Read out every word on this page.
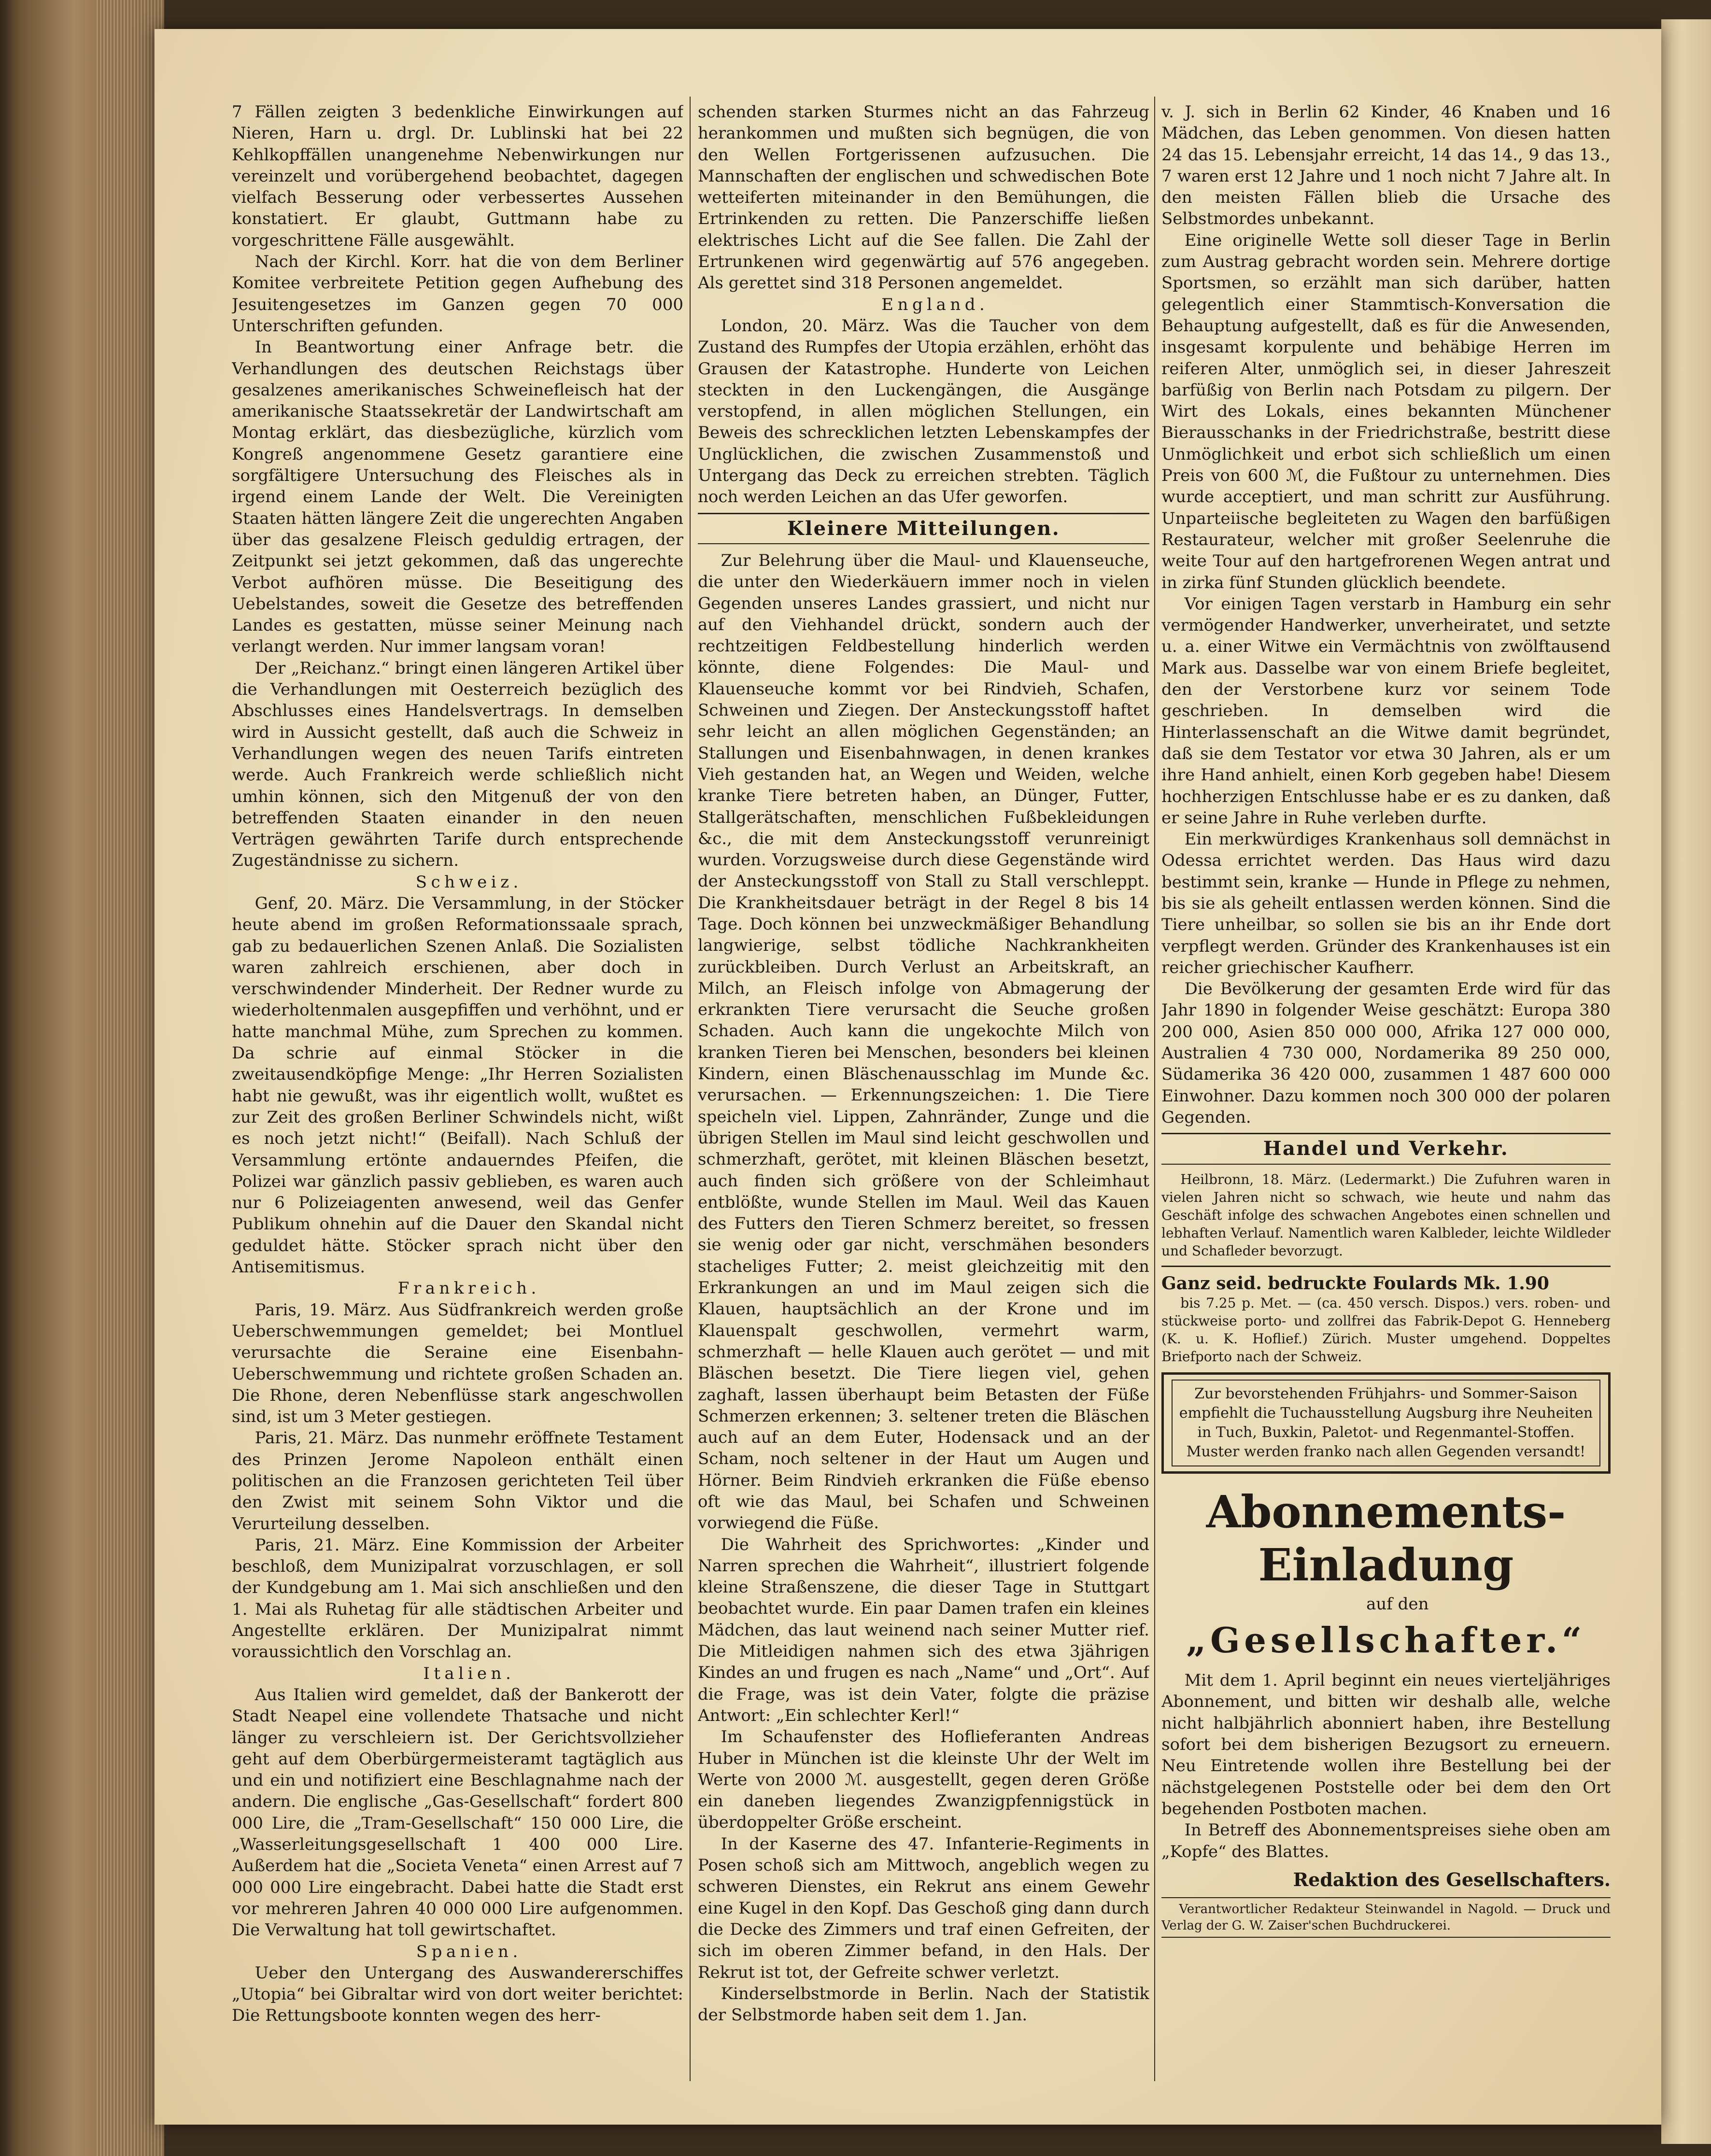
7 Fällen zeigten 3 bedenkliche Einwirkungen auf Nieren, Harn u. drgl. Dr. Lublinski hat bei 22 Kehlkopffällen unangenehme Nebenwirkungen nur vereinzelt und vorübergehend beobachtet, dagegen vielfach Besserung oder verbessertes Aussehen konstatiert. Er glaubt, Guttmann habe zu vorgeschrittene Fälle ausgewählt.

Nach der Kirchl. Korr. hat die von dem Berliner Komitee verbreitete Petition gegen Aufhebung des Jesuitengesetzes im Ganzen gegen 70 000 Unterschriften gefunden.

In Beantwortung einer Anfrage betr. die Verhandlungen des deutschen Reichstags über gesalzenes amerikanisches Schweinefleisch hat der amerikanische Staatssekretär der Landwirtschaft am Montag erklärt, das diesbezügliche, kürzlich vom Kongreß angenommene Gesetz garantiere eine sorgfältigere Untersuchung des Fleisches als in irgend einem Lande der Welt. Die Vereinigten Staaten hätten längere Zeit die ungerechten Angaben über das gesalzene Fleisch geduldig ertragen, der Zeitpunkt sei jetzt gekommen, daß das ungerechte Verbot aufhören müsse. Die Beseitigung des Uebelstandes, soweit die Gesetze des betreffenden Landes es gestatten, müsse seiner Meinung nach verlangt werden. Nur immer langsam voran!

Der „Reichanz.“ bringt einen längeren Artikel über die Verhandlungen mit Oesterreich bezüglich des Abschlusses eines Handelsvertrags. In demselben wird in Aussicht gestellt, daß auch die Schweiz in Verhandlungen wegen des neuen Tarifs eintreten werde. Auch Frankreich werde schließlich nicht umhin können, sich den Mitgenuß der von den betreffenden Staaten einander in den neuen Verträgen gewährten Tarife durch entsprechende Zugeständnisse zu sichern.

Schweiz.

Genf, 20. März. Die Versammlung, in der Stöcker heute abend im großen Reformationssaale sprach, gab zu bedauerlichen Szenen Anlaß. Die Sozialisten waren zahlreich erschienen, aber doch in verschwindender Minderheit. Der Redner wurde zu wiederholtenmalen ausgepfiffen und verhöhnt, und er hatte manchmal Mühe, zum Sprechen zu kommen. Da schrie auf einmal Stöcker in die zweitausendköpfige Menge: „Ihr Herren Sozialisten habt nie gewußt, was ihr eigentlich wollt, wußtet es zur Zeit des großen Berliner Schwindels nicht, wißt es noch jetzt nicht!“ (Beifall). Nach Schluß der Versammlung ertönte andauerndes Pfeifen, die Polizei war gänzlich passiv geblieben, es waren auch nur 6 Polizeiagenten anwesend, weil das Genfer Publikum ohnehin auf die Dauer den Skandal nicht geduldet hätte. Stöcker sprach nicht über den Antisemitismus.

Frankreich.

Paris, 19. März. Aus Südfrankreich werden große Ueberschwemmungen gemeldet; bei Montluel verursachte die Seraine eine Eisenbahn-Ueberschwemmung und richtete großen Schaden an. Die Rhone, deren Nebenflüsse stark angeschwollen sind, ist um 3 Meter gestiegen.

Paris, 21. März. Das nunmehr eröffnete Testament des Prinzen Jerome Napoleon enthält einen politischen an die Franzosen gerichteten Teil über den Zwist mit seinem Sohn Viktor und die Verurteilung desselben.

Paris, 21. März. Eine Kommission der Arbeiter beschloß, dem Munizipalrat vorzuschlagen, er soll der Kundgebung am 1. Mai sich anschließen und den 1. Mai als Ruhetag für alle städtischen Arbeiter und Angestellte erklären. Der Munizipalrat nimmt voraussichtlich den Vorschlag an.

Italien.

Aus Italien wird gemeldet, daß der Bankerott der Stadt Neapel eine vollendete Thatsache und nicht länger zu verschleiern ist. Der Gerichtsvollzieher geht auf dem Oberbürgermeisteramt tagtäglich aus und ein und notifiziert eine Beschlagnahme nach der andern. Die englische „Gas-Gesellschaft“ fordert 800 000 Lire, die „Tram-Gesellschaft“ 150 000 Lire, die „Wasserleitungsgesellschaft 1 400 000 Lire. Außerdem hat die „Societa Veneta“ einen Arrest auf 7 000 000 Lire eingebracht. Dabei hatte die Stadt erst vor mehreren Jahren 40 000 000 Lire aufgenommen. Die Verwaltung hat toll gewirtschaftet.

Spanien.

Ueber den Untergang des Auswandererschiffes „Utopia“ bei Gibraltar wird von dort weiter berichtet: Die Rettungsboote konnten wegen des herr-

schenden starken Sturmes nicht an das Fahrzeug herankommen und mußten sich begnügen, die von den Wellen Fortgerissenen aufzusuchen. Die Mannschaften der englischen und schwedischen Bote wetteiferten miteinander in den Bemühungen, die Ertrinkenden zu retten. Die Panzerschiffe ließen elektrisches Licht auf die See fallen. Die Zahl der Ertrunkenen wird gegenwärtig auf 576 angegeben. Als gerettet sind 318 Personen angemeldet.

England.

London, 20. März. Was die Taucher von dem Zustand des Rumpfes der Utopia erzählen, erhöht das Grausen der Katastrophe. Hunderte von Leichen steckten in den Luckengängen, die Ausgänge verstopfend, in allen möglichen Stellungen, ein Beweis des schrecklichen letzten Lebenskampfes der Unglücklichen, die zwischen Zusammenstoß und Untergang das Deck zu erreichen strebten. Täglich noch werden Leichen an das Ufer geworfen.

Kleinere Mitteilungen.

Zur Belehrung über die Maul- und Klauenseuche, die unter den Wiederkäuern immer noch in vielen Gegenden unseres Landes grassiert, und nicht nur auf den Viehhandel drückt, sondern auch der rechtzeitigen Feldbestellung hinderlich werden könnte, diene Folgendes: Die Maul- und Klauenseuche kommt vor bei Rindvieh, Schafen, Schweinen und Ziegen. Der Ansteckungsstoff haftet sehr leicht an allen möglichen Gegenständen; an Stallungen und Eisenbahnwagen, in denen krankes Vieh gestanden hat, an Wegen und Weiden, welche kranke Tiere betreten haben, an Dünger, Futter, Stallgerätschaften, menschlichen Fußbekleidungen &c., die mit dem Ansteckungsstoff verunreinigt wurden. Vorzugsweise durch diese Gegenstände wird der Ansteckungsstoff von Stall zu Stall verschleppt. Die Krankheitsdauer beträgt in der Regel 8 bis 14 Tage. Doch können bei unzweckmäßiger Behandlung langwierige, selbst tödliche Nachkrankheiten zurückbleiben. Durch Verlust an Arbeitskraft, an Milch, an Fleisch infolge von Abmagerung der erkrankten Tiere verursacht die Seuche großen Schaden. Auch kann die ungekochte Milch von kranken Tieren bei Menschen, besonders bei kleinen Kindern, einen Bläschenausschlag im Munde &c. verursachen. — Erkennungszeichen: 1. Die Tiere speicheln viel. Lippen, Zahnränder, Zunge und die übrigen Stellen im Maul sind leicht geschwollen und schmerzhaft, gerötet, mit kleinen Bläschen besetzt, auch finden sich größere von der Schleimhaut entblößte, wunde Stellen im Maul. Weil das Kauen des Futters den Tieren Schmerz bereitet, so fressen sie wenig oder gar nicht, verschmähen besonders stacheliges Futter; 2. meist gleichzeitig mit den Erkrankungen an und im Maul zeigen sich die Klauen, hauptsächlich an der Krone und im Klauenspalt geschwollen, vermehrt warm, schmerzhaft — helle Klauen auch gerötet — und mit Bläschen besetzt. Die Tiere liegen viel, gehen zaghaft, lassen überhaupt beim Betasten der Füße Schmerzen erkennen; 3. seltener treten die Bläschen auch auf an dem Euter, Hodensack und an der Scham, noch seltener in der Haut um Augen und Hörner. Beim Rindvieh erkranken die Füße ebenso oft wie das Maul, bei Schafen und Schweinen vorwiegend die Füße.

Die Wahrheit des Sprichwortes: „Kinder und Narren sprechen die Wahrheit“, illustriert folgende kleine Straßenszene, die dieser Tage in Stuttgart beobachtet wurde. Ein paar Damen trafen ein kleines Mädchen, das laut weinend nach seiner Mutter rief. Die Mitleidigen nahmen sich des etwa 3jährigen Kindes an und frugen es nach „Name“ und „Ort“. Auf die Frage, was ist dein Vater, folgte die präzise Antwort: „Ein schlechter Kerl!“

Im Schaufenster des Hoflieferanten Andreas Huber in München ist die kleinste Uhr der Welt im Werte von 2000 ℳ. ausgestellt, gegen deren Größe ein daneben liegendes Zwanzigpfennigstück in überdoppelter Größe erscheint.

In der Kaserne des 47. Infanterie-Regiments in Posen schoß sich am Mittwoch, angeblich wegen zu schweren Dienstes, ein Rekrut ans einem Gewehr eine Kugel in den Kopf. Das Geschoß ging dann durch die Decke des Zimmers und traf einen Gefreiten, der sich im oberen Zimmer befand, in den Hals. Der Rekrut ist tot, der Gefreite schwer verletzt.

Kinderselbstmorde in Berlin. Nach der Statistik der Selbstmorde haben seit dem 1. Jan.

v. J. sich in Berlin 62 Kinder, 46 Knaben und 16 Mädchen, das Leben genommen. Von diesen hatten 24 das 15. Lebensjahr erreicht, 14 das 14., 9 das 13., 7 waren erst 12 Jahre und 1 noch nicht 7 Jahre alt. In den meisten Fällen blieb die Ursache des Selbstmordes unbekannt.

Eine originelle Wette soll dieser Tage in Berlin zum Austrag gebracht worden sein. Mehrere dortige Sportsmen, so erzählt man sich darüber, hatten gelegentlich einer Stammtisch-Konversation die Behauptung aufgestellt, daß es für die Anwesenden, insgesamt korpulente und behäbige Herren im reiferen Alter, unmöglich sei, in dieser Jahreszeit barfüßig von Berlin nach Potsdam zu pilgern. Der Wirt des Lokals, eines bekannten Münchener Bierausschanks in der Friedrichstraße, bestritt diese Unmöglichkeit und erbot sich schließlich um einen Preis von 600 ℳ, die Fußtour zu unternehmen. Dies wurde acceptiert, und man schritt zur Ausführung. Unparteiische begleiteten zu Wagen den barfüßigen Restaurateur, welcher mit großer Seelenruhe die weite Tour auf den hartgefrorenen Wegen antrat und in zirka fünf Stunden glücklich beendete.

Vor einigen Tagen verstarb in Hamburg ein sehr vermögender Handwerker, unverheiratet, und setzte u. a. einer Witwe ein Vermächtnis von zwölftausend Mark aus. Dasselbe war von einem Briefe begleitet, den der Verstorbene kurz vor seinem Tode geschrieben. In demselben wird die Hinterlassenschaft an die Witwe damit begründet, daß sie dem Testator vor etwa 30 Jahren, als er um ihre Hand anhielt, einen Korb gegeben habe! Diesem hochherzigen Entschlusse habe er es zu danken, daß er seine Jahre in Ruhe verleben durfte.

Ein merkwürdiges Krankenhaus soll demnächst in Odessa errichtet werden. Das Haus wird dazu bestimmt sein, kranke — Hunde in Pflege zu nehmen, bis sie als geheilt entlassen werden können. Sind die Tiere unheilbar, so sollen sie bis an ihr Ende dort verpflegt werden. Gründer des Krankenhauses ist ein reicher griechischer Kaufherr.

Die Bevölkerung der gesamten Erde wird für das Jahr 1890 in folgender Weise geschätzt: Europa 380 200 000, Asien 850 000 000, Afrika 127 000 000, Australien 4 730 000, Nordamerika 89 250 000, Südamerika 36 420 000, zusammen 1 487 600 000 Einwohner. Dazu kommen noch 300 000 der polaren Gegenden.

Handel und Verkehr.

Heilbronn, 18. März. (Ledermarkt.) Die Zufuhren waren in vielen Jahren nicht so schwach, wie heute und nahm das Geschäft infolge des schwachen Angebotes einen schnellen und lebhaften Verlauf. Namentlich waren Kalbleder, leichte Wildleder und Schafleder bevorzugt.

Ganz seid. bedruckte Foulards Mk. 1.90

bis 7.25 p. Met. — (ca. 450 versch. Dispos.) vers. roben- und stückweise porto- und zollfrei das Fabrik-Depot G. Henneberg (K. u. K. Hoflief.) Zürich. Muster umgehend. Doppeltes Briefporto nach der Schweiz.

Zur bevorstehenden Frühjahrs- und Sommer-Saison empfiehlt die Tuchausstellung Augsburg ihre Neuheiten in Tuch, Buxkin, Paletot- und Regenmantel-Stoffen. Muster werden franko nach allen Gegenden versandt!
Abonnements-Einladung

auf den

„Gesellschafter.“

Mit dem 1. April beginnt ein neues vierteljähriges Abonnement, und bitten wir deshalb alle, welche nicht halbjährlich abonniert haben, ihre Bestellung sofort bei dem bisherigen Bezugsort zu erneuern. Neu Eintretende wollen ihre Bestellung bei der nächstgelegenen Poststelle oder bei dem den Ort begehenden Postboten machen.

In Betreff des Abonnementspreises siehe oben am „Kopfe“ des Blattes.

Redaktion des Gesellschafters.

Verantwortlicher Redakteur Steinwandel in Nagold. — Druck und Verlag der G. W. Zaiser'schen Buchdruckerei.
